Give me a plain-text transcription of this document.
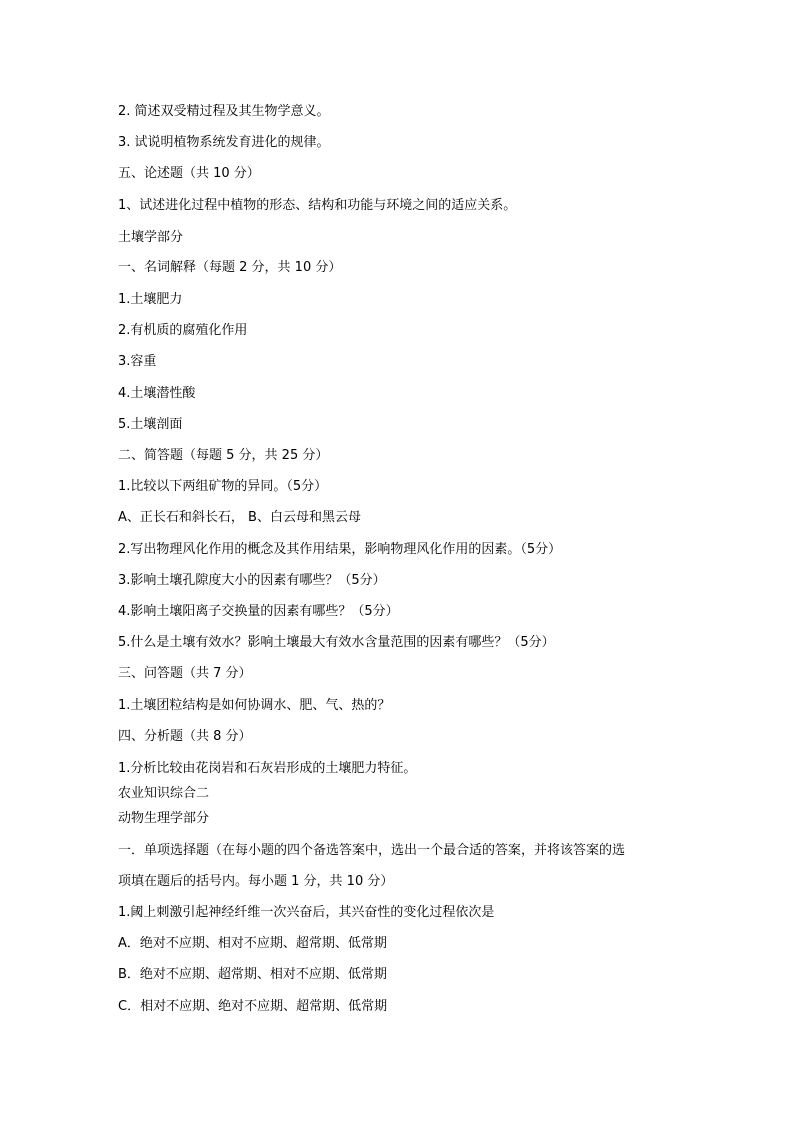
2. 简述双受精过程及其生物学意义。
3. 试说明植物系统发育进化的规律。
五、论述题（共 10 分）
1、试述进化过程中植物的形态、结构和功能与环境之间的适应关系。
土壤学部分
一、名词解释（每题 2 分，共 10 分）
1.土壤肥力
2.有机质的腐殖化作用
3.容重
4.土壤潜性酸
5.土壤剖面
二、简答题（每题 5 分，共 25 分）
1.比较以下两组矿物的异同。（5分）
A、正长石和斜长石， B、白云母和黑云母
2.写出物理风化作用的概念及其作用结果，影响物理风化作用的因素。（5分）
3.影响土壤孔隙度大小的因素有哪些？（5分）
4.影响土壤阳离子交换量的因素有哪些？（5分）
5.什么是土壤有效水？影响土壤最大有效水含量范围的因素有哪些？（5分）
三、问答题（共 7 分）
1.土壤团粒结构是如何协调水、肥、气、热的？
四、分析题（共 8 分）
1.分析比较由花岗岩和石灰岩形成的土壤肥力特征。
农业知识综合二
动物生理学部分
一．单项选择题（在每小题的四个备选答案中，选出一个最合适的答案，并将该答案的选
项填在题后的括号内。每小题 1 分，共 10 分）
1.阈上刺激引起神经纤维一次兴奋后，其兴奋性的变化过程依次是
A．绝对不应期、相对不应期、超常期、低常期
B．绝对不应期、超常期、相对不应期、低常期
C．相对不应期、绝对不应期、超常期、低常期
